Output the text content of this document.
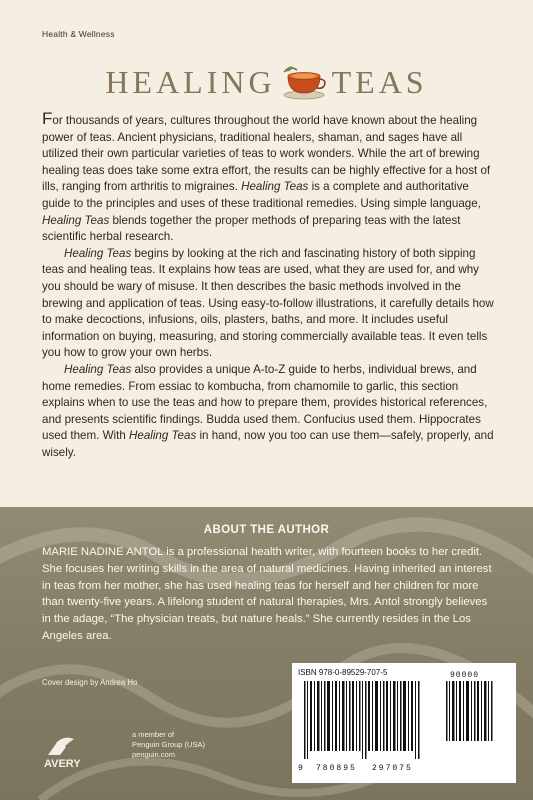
Health & Wellness
HEALING TEAS

For thousands of years, cultures throughout the world have known about the healing power of teas. Ancient physicians, traditional healers, shaman, and sages have all utilized their own particular varieties of teas to work wonders. While the art of brewing healing teas does take some extra effort, the results can be highly effective for a host of ills, ranging from arthritis to migraines. Healing Teas is a complete and authoritative guide to the principles and uses of these traditional remedies. Using simple language, Healing Teas blends together the proper methods of preparing teas with the latest scientific herbal research.

Healing Teas begins by looking at the rich and fascinating history of both sipping teas and healing teas. It explains how teas are used, what they are used for, and why you should be wary of misuse. It then describes the basic methods involved in the brewing and application of teas. Using easy-to-follow illustrations, it carefully details how to make decoctions, infusions, oils, plasters, baths, and more. It includes useful information on buying, measuring, and storing commercially available teas. It even tells you how to grow your own herbs.

Healing Teas also provides a unique A-to-Z guide to herbs, individual brews, and home remedies. From essiac to kombucha, from chamomile to garlic, this section explains when to use the teas and how to prepare them, provides historical references, and presents scientific findings. Budda used them. Confucius used them. Hippocrates used them. With Healing Teas in hand, now you too can use them—safely, properly, and wisely.

ABOUT THE AUTHOR
MARIE NADINE ANTOL is a professional health writer, with fourteen books to her credit. She focuses her writing skills in the area of natural medicines. Having inherited an interest in teas from her mother, she has used healing teas for herself and her children for more than twenty-five years. A lifelong student of natural therapies, Mrs. Antol strongly believes in the adage, “The physician treats, but nature heals.” She currently resides in the Los Angeles area.
Cover design by Andrea Ho
AVERY
a member of
Penguin Group (USA)
penguin.com
ISBN 978-0-89529-707-5
9 780895 297075
90000
